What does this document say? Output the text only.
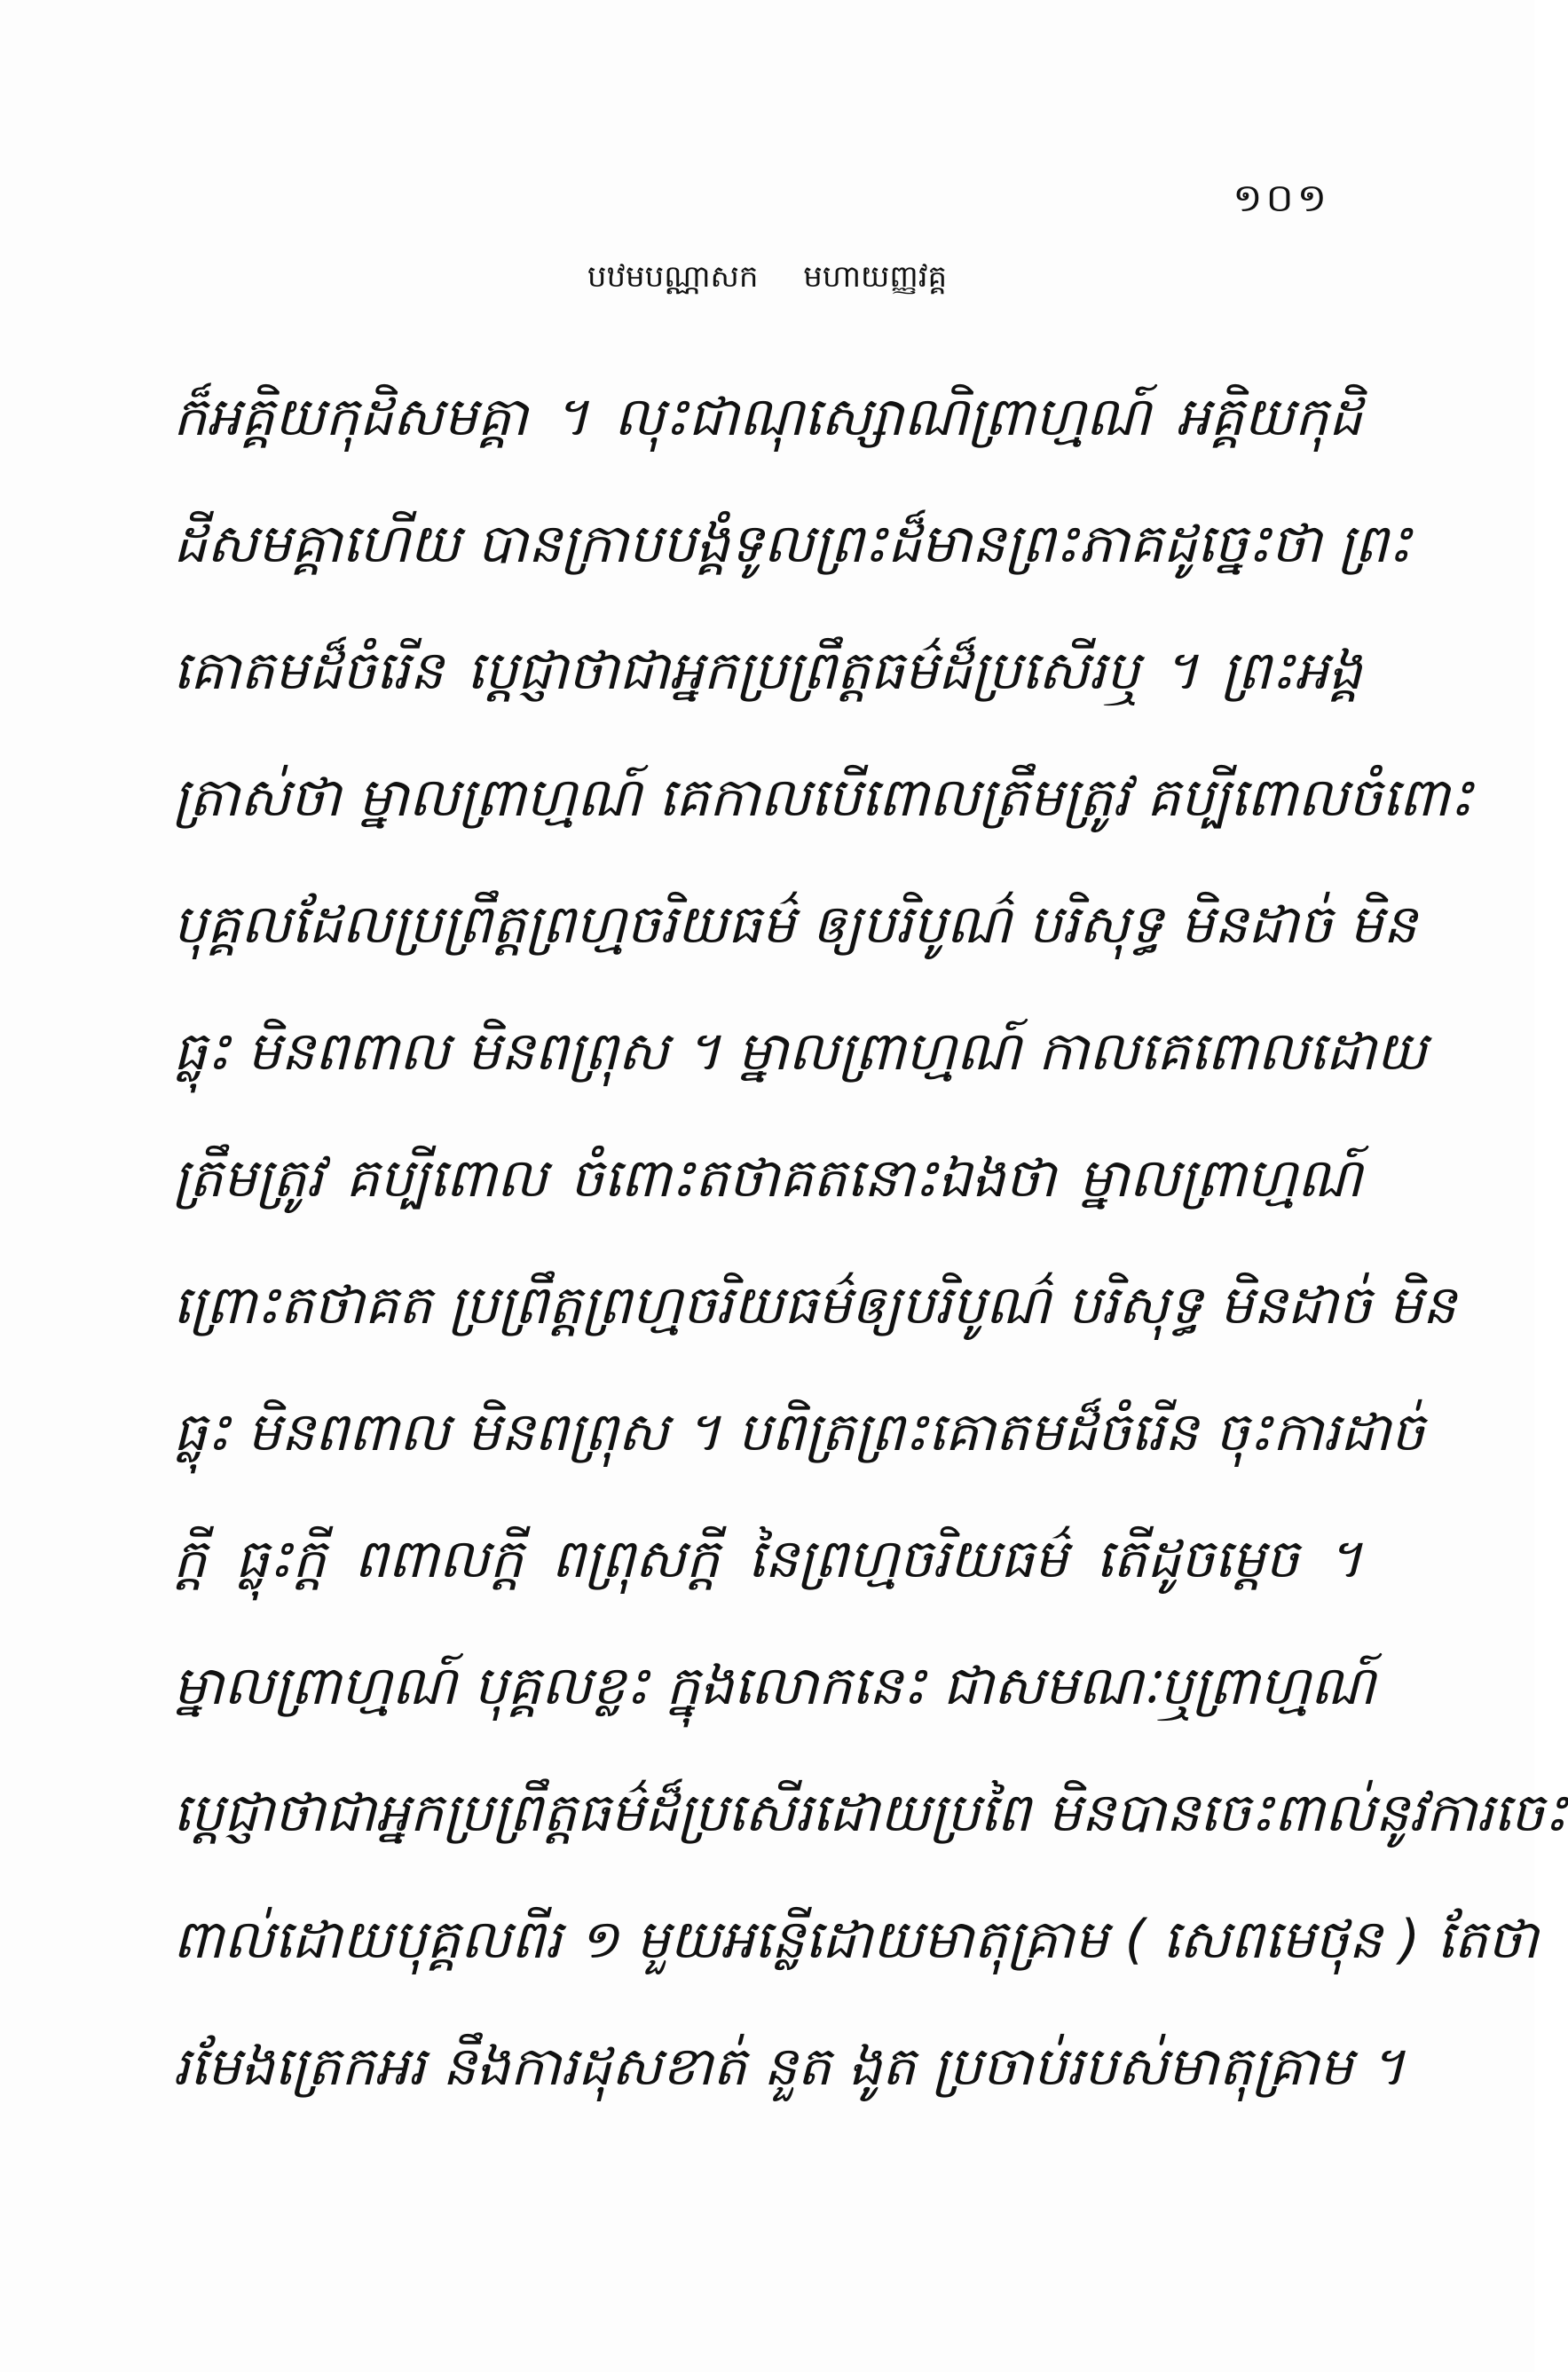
១០១
បឋមបណ្ណាសក មហាយញ្ញវគ្គ
ក៏អគ្គិយកុដិសមគ្គា ។ លុះជាណុស្សោណិព្រាហ្មណ៍ អគ្គិយកុដិ
ដីសមគ្គាហើយ បានក្រាបបង្គំទូលព្រះដ៏មានព្រះភាគដូច្នេះថា ព្រះ
គោតមដ៏ចំរើន ប្តេជ្ញាថាជាអ្នកប្រព្រឹត្តធម៌ដ៏ប្រសើរឬ ។ ព្រះអង្គ
ត្រាស់ថា ម្នាលព្រាហ្មណ៍ គេកាលបើពោលត្រឹមត្រូវ គប្បីពោលចំពោះ
បុគ្គលដែលប្រព្រឹត្តព្រហ្មចរិយធម៌ ឲ្យបរិបូណ៌ បរិសុទ្ធ មិនដាច់ មិន
ធ្លុះ មិនពពាល មិនពព្រុស ។ ម្នាលព្រាហ្មណ៍ កាលគេពោលដោយ
ត្រឹមត្រូវ គប្បីពោល ចំពោះតថាគតនោះឯងថា ម្នាលព្រាហ្មណ៍
ព្រោះតថាគត ប្រព្រឹត្តព្រហ្មចរិយធម៌ឲ្យបរិបូណ៌ បរិសុទ្ធ មិនដាច់ មិន
ធ្លុះ មិនពពាល មិនពព្រុស ។ បពិត្រព្រះគោតមដ៏ចំរើន ចុះការដាច់
ក្តី ធ្លុះក្តី ពពាលក្តី ពព្រុសក្តី នៃព្រហ្មចរិយធម៌ តើដូចម្តេច ។
ម្នាលព្រាហ្មណ៍ បុគ្គលខ្លះ ក្នុងលោកនេះ ជាសមណៈឬព្រាហ្មណ៍
ប្តេជ្ញាថាជាអ្នកប្រព្រឹត្តធម៌ដ៏ប្រសើរដោយប្រពៃ មិនបានចេះពាល់នូវការចេះ
ពាល់ដោយបុគ្គលពីរ ១ មួយអន្លើដោយមាតុគ្រាម ( សេពមេថុន ) តែថា
រមែងត្រេកអរ នឹងការដុសខាត់ នួត ងូត ប្រចាប់របស់មាតុគ្រាម ។
